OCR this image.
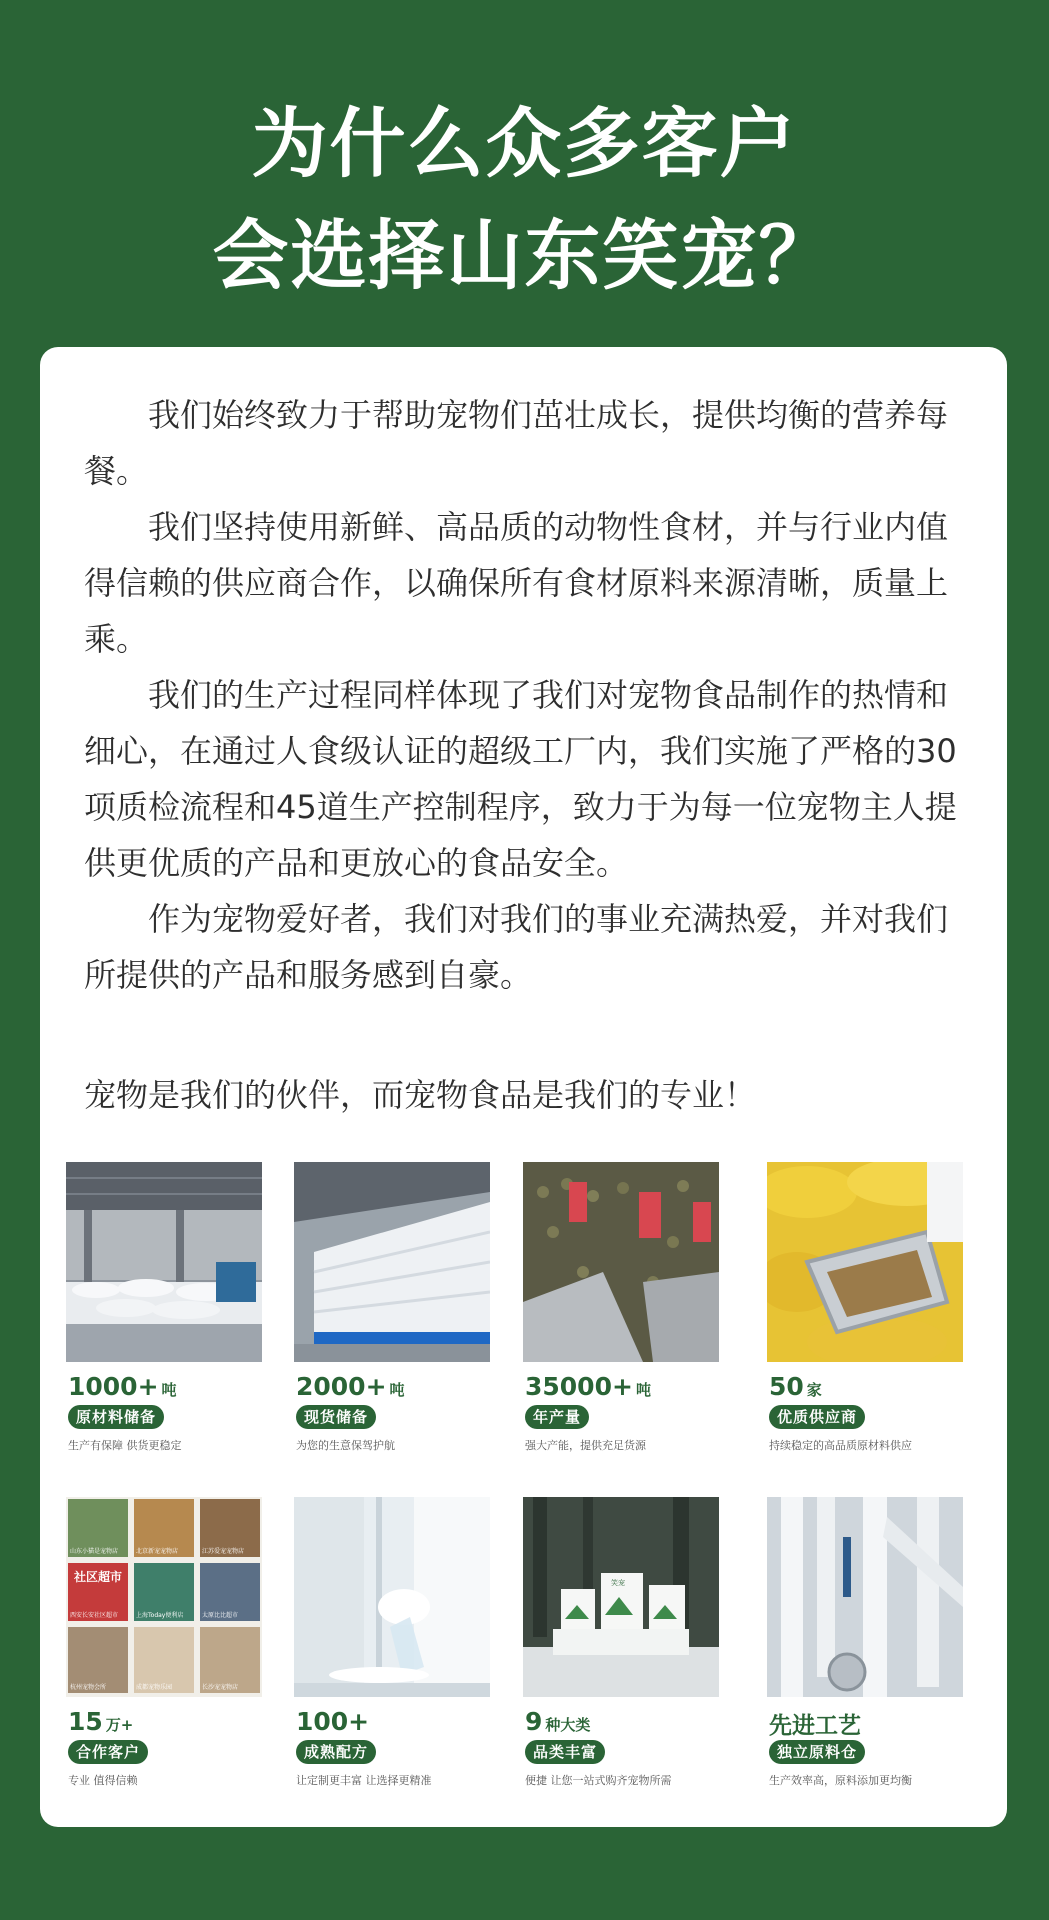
为什么众多客户
会选择山东笑宠？

我们始终致力于帮助宠物们茁壮成长，提供均衡的营养每餐。

我们坚持使用新鲜、高品质的动物性食材，并与行业内值得信赖的供应商合作，以确保所有食材原料来源清晰，质量上乘。

我们的生产过程同样体现了我们对宠物食品制作的热情和细心，在通过人食级认证的超级工厂内，我们实施了严格的30项质检流程和45道生产控制程序，致力于为每一位宠物主人提供更优质的产品和更放心的食品安全。

作为宠物爱好者，我们对我们的事业充满热爱，并对我们所提供的产品和服务感到自豪。

宠物是我们的伙伴，而宠物食品是我们的专业！
1000+ 吨
原材料储备
生产有保障 供货更稳定
2000+ 吨
现货储备
为您的生意保驾护航
35000+ 吨
年产量
强大产能，提供充足货源
50 家
优质供应商
持续稳定的高品质原材料供应
山东小猫是宠物店	北京新宠宠物店	江苏爱宠宠物店
社区超市
西安长安社区超市	上海Today便利店	太原比比超市
杭州宠物会所	成都宠物乐园	长沙宠宠物店
15 万+
合作客户
专业 值得信赖
100+
成熟配方
让定制更丰富 让选择更精准
笑宠
9 种大类
品类丰富
便捷 让您一站式购齐宠物所需
先进工艺
独立原料仓
生产效率高，原料添加更均衡
